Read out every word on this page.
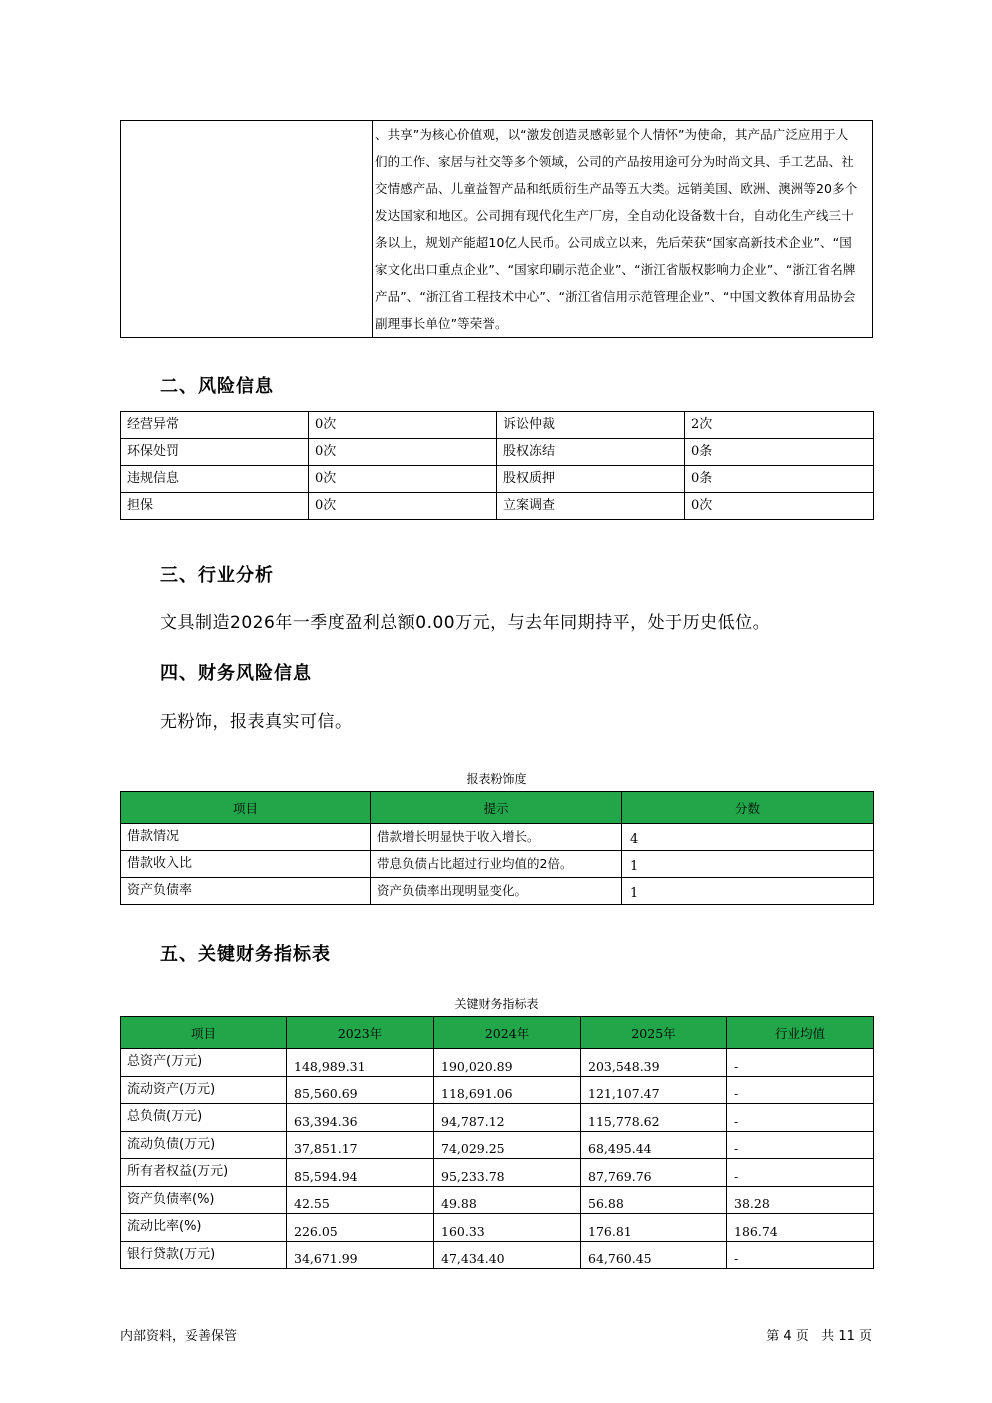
、共享”为核心价值观，以“激发创造灵感彰显个人情怀”为使命，其产品广泛应用于人
们的工作、家居与社交等多个领域，公司的产品按用途可分为时尚文具、手工艺品、社
交情感产品、儿童益智产品和纸质衍生产品等五大类。远销美国、欧洲、澳洲等20多个
发达国家和地区。公司拥有现代化生产厂房，全自动化设备数十台，自动化生产线三十
条以上，规划产能超10亿人民币。公司成立以来，先后荣获“国家高新技术企业”、“国
家文化出口重点企业”、“国家印刷示范企业”、“浙江省版权影响力企业”、“浙江省名牌
产品”、“浙江省工程技术中心”、“浙江省信用示范管理企业”、“中国文教体育用品协会
副理事长单位”等荣誉。
二、风险信息
经营异常	0次	诉讼仲裁	2次
环保处罚	0次	股权冻结	0条
违规信息	0次	股权质押	0条
担保	0次	立案调查	0次
三、行业分析

文具制造2026年一季度盈利总额0.00万元，与去年同期持平，处于历史低位。

四、财务风险信息

无粉饰，报表真实可信。

报表粉饰度

项目	提示	分数
借款情况	借款增长明显快于收入增长。	4
借款收入比	带息负债占比超过行业均值的2倍。	1
资产负债率	资产负债率出现明显变化。	1
五、关键财务指标表

关键财务指标表

项目	2023年	2024年	2025年	行业均值
总资产(万元)	148,989.31	190,020.89	203,548.39	-
流动资产(万元)	85,560.69	118,691.06	121,107.47	-
总负债(万元)	63,394.36	94,787.12	115,778.62	-
流动负债(万元)	37,851.17	74,029.25	68,495.44	-
所有者权益(万元)	85,594.94	95,233.78	87,769.76	-
资产负债率(%)	42.55	49.88	56.88	38.28
流动比率(%)	226.05	160.33	176.81	186.74
银行贷款(万元)	34,671.99	47,434.40	64,760.45	-

内部资料，妥善保管	第 4 页   共 11 页
